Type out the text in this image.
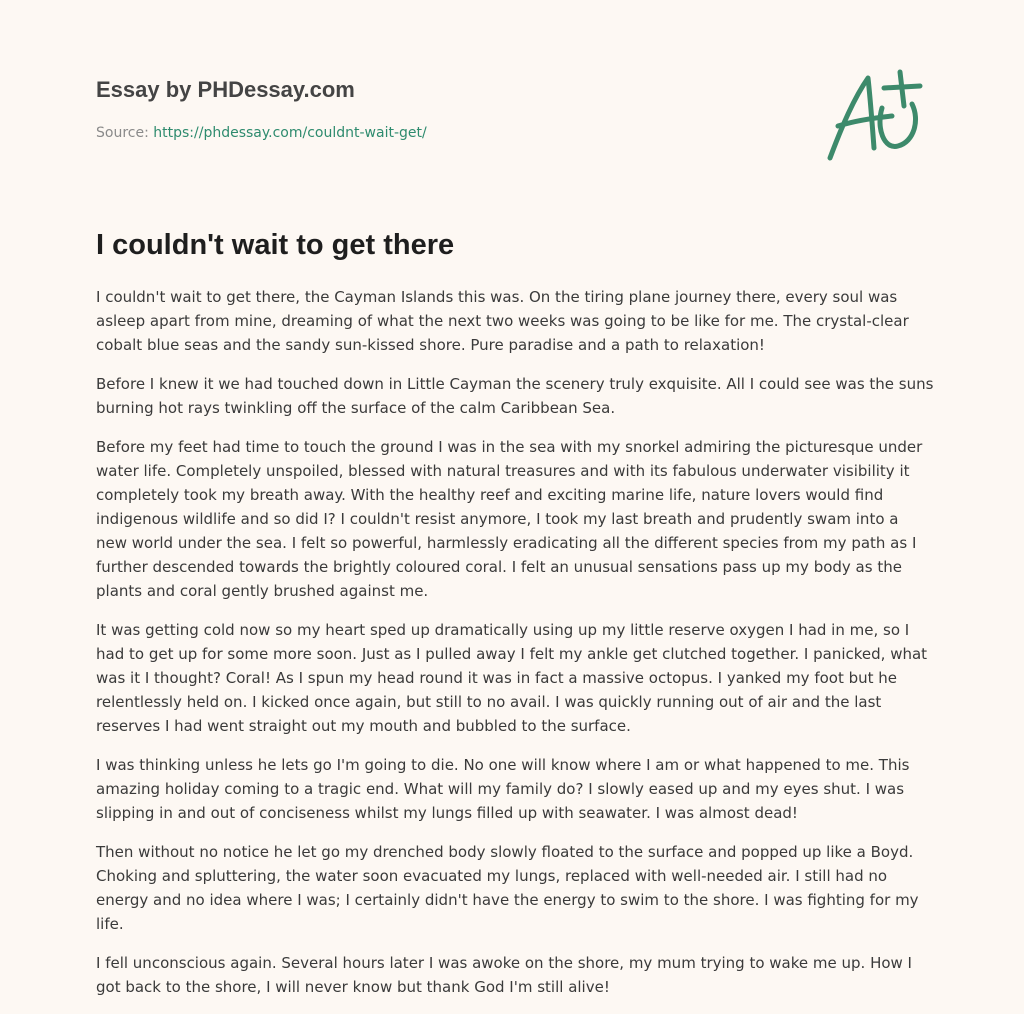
Essay by PHDessay.com
Source: https://phdessay.com/couldnt-wait-get/
I couldn't wait to get there

I couldn't wait to get there, the Cayman Islands this was. On the tiring plane journey there, every soul was asleep apart from mine, dreaming of what the next two weeks was going to be like for me. The crystal-clear cobalt blue seas and the sandy sun-kissed shore. Pure paradise and a path to relaxation!

Before I knew it we had touched down in Little Cayman the scenery truly exquisite. All I could see was the suns burning hot rays twinkling off the surface of the calm Caribbean Sea.

Before my feet had time to touch the ground I was in the sea with my snorkel admiring the picturesque under water life. Completely unspoiled, blessed with natural treasures and with its fabulous underwater visibility it completely took my breath away. With the healthy reef and exciting marine life, nature lovers would find indigenous wildlife and so did I? I couldn't resist anymore, I took my last breath and prudently swam into a new world under the sea. I felt so powerful, harmlessly eradicating all the different species from my path as I further descended towards the brightly coloured coral. I felt an unusual sensations pass up my body as the plants and coral gently brushed against me.

It was getting cold now so my heart sped up dramatically using up my little reserve oxygen I had in me, so I had to get up for some more soon. Just as I pulled away I felt my ankle get clutched together. I panicked, what was it I thought? Coral! As I spun my head round it was in fact a massive octopus. I yanked my foot but he relentlessly held on. I kicked once again, but still to no avail. I was quickly running out of air and the last reserves I had went straight out my mouth and bubbled to the surface.

I was thinking unless he lets go I'm going to die. No one will know where I am or what happened to me. This amazing holiday coming to a tragic end. What will my family do? I slowly eased up and my eyes shut. I was slipping in and out of conciseness whilst my lungs filled up with seawater. I was almost dead!

Then without no notice he let go my drenched body slowly floated to the surface and popped up like a Boyd. Choking and spluttering, the water soon evacuated my lungs, replaced with well-needed air. I still had no energy and no idea where I was; I certainly didn't have the energy to swim to the shore. I was fighting for my life.

I fell unconscious again. Several hours later I was awoke on the shore, my mum trying to wake me up. How I got back to the shore, I will never know but thank God I'm still alive!
